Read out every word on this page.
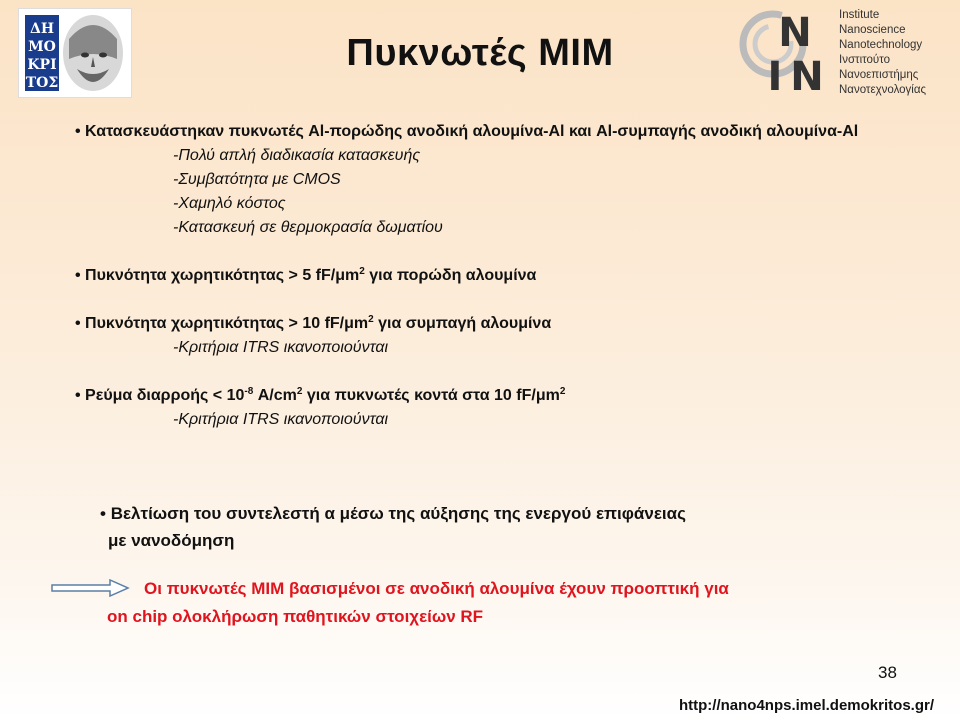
ΔΗ
ΜΟ
ΚΡΙ
ΤΟΣ
Πυκνωτές ΜΙΜ	N
I N
Institute
Nanoscience
Nanotechnology
Ινστιτούτο
Νανοεπιστήμης
Νανοτεχνολογίας
• Κατασκευάστηκαν πυκνωτές Al-πορώδης ανοδική αλουμίνα-Al και Al-συμπαγής ανοδική αλουμίνα-Al
-Πολύ απλή διαδικασία κατασκευής
-Συμβατότητα με CMOS
-Χαμηλό κόστος
-Κατασκευή σε θερμοκρασία δωματίου
• Πυκνότητα χωρητικότητας > 5 $fF/\mu m^2$ για πορώδη αλουμίνα
• Πυκνότητα χωρητικότητας > 10 $fF/\mu m^2$ για συμπαγή αλουμίνα
-Κριτήρια ITRS ικανοποιούνται
• Ρεύμα $\delta\iota\alpha\rho\rho oή\varsigma < 10^{-8}$ $A/cm^2$ για πυκνωτές κοντά στα 10 $fF/\mu m^2$
-Κριτήρια ITRS ικανοποιούνται
• Βελτίωση του συντελεστή α μέσω της αύξησης της ενεργού επιφάνειας
με νανοδόμηση
Οι πυκνωτές ΜΙΜ βασισμένοι σε ανοδική αλουμίνα έχουν προοπτική για
on chip ολοκλήρωση παθητικών στοιχείων RF
38
http://nano4nps.imel.demokritos.gr/
